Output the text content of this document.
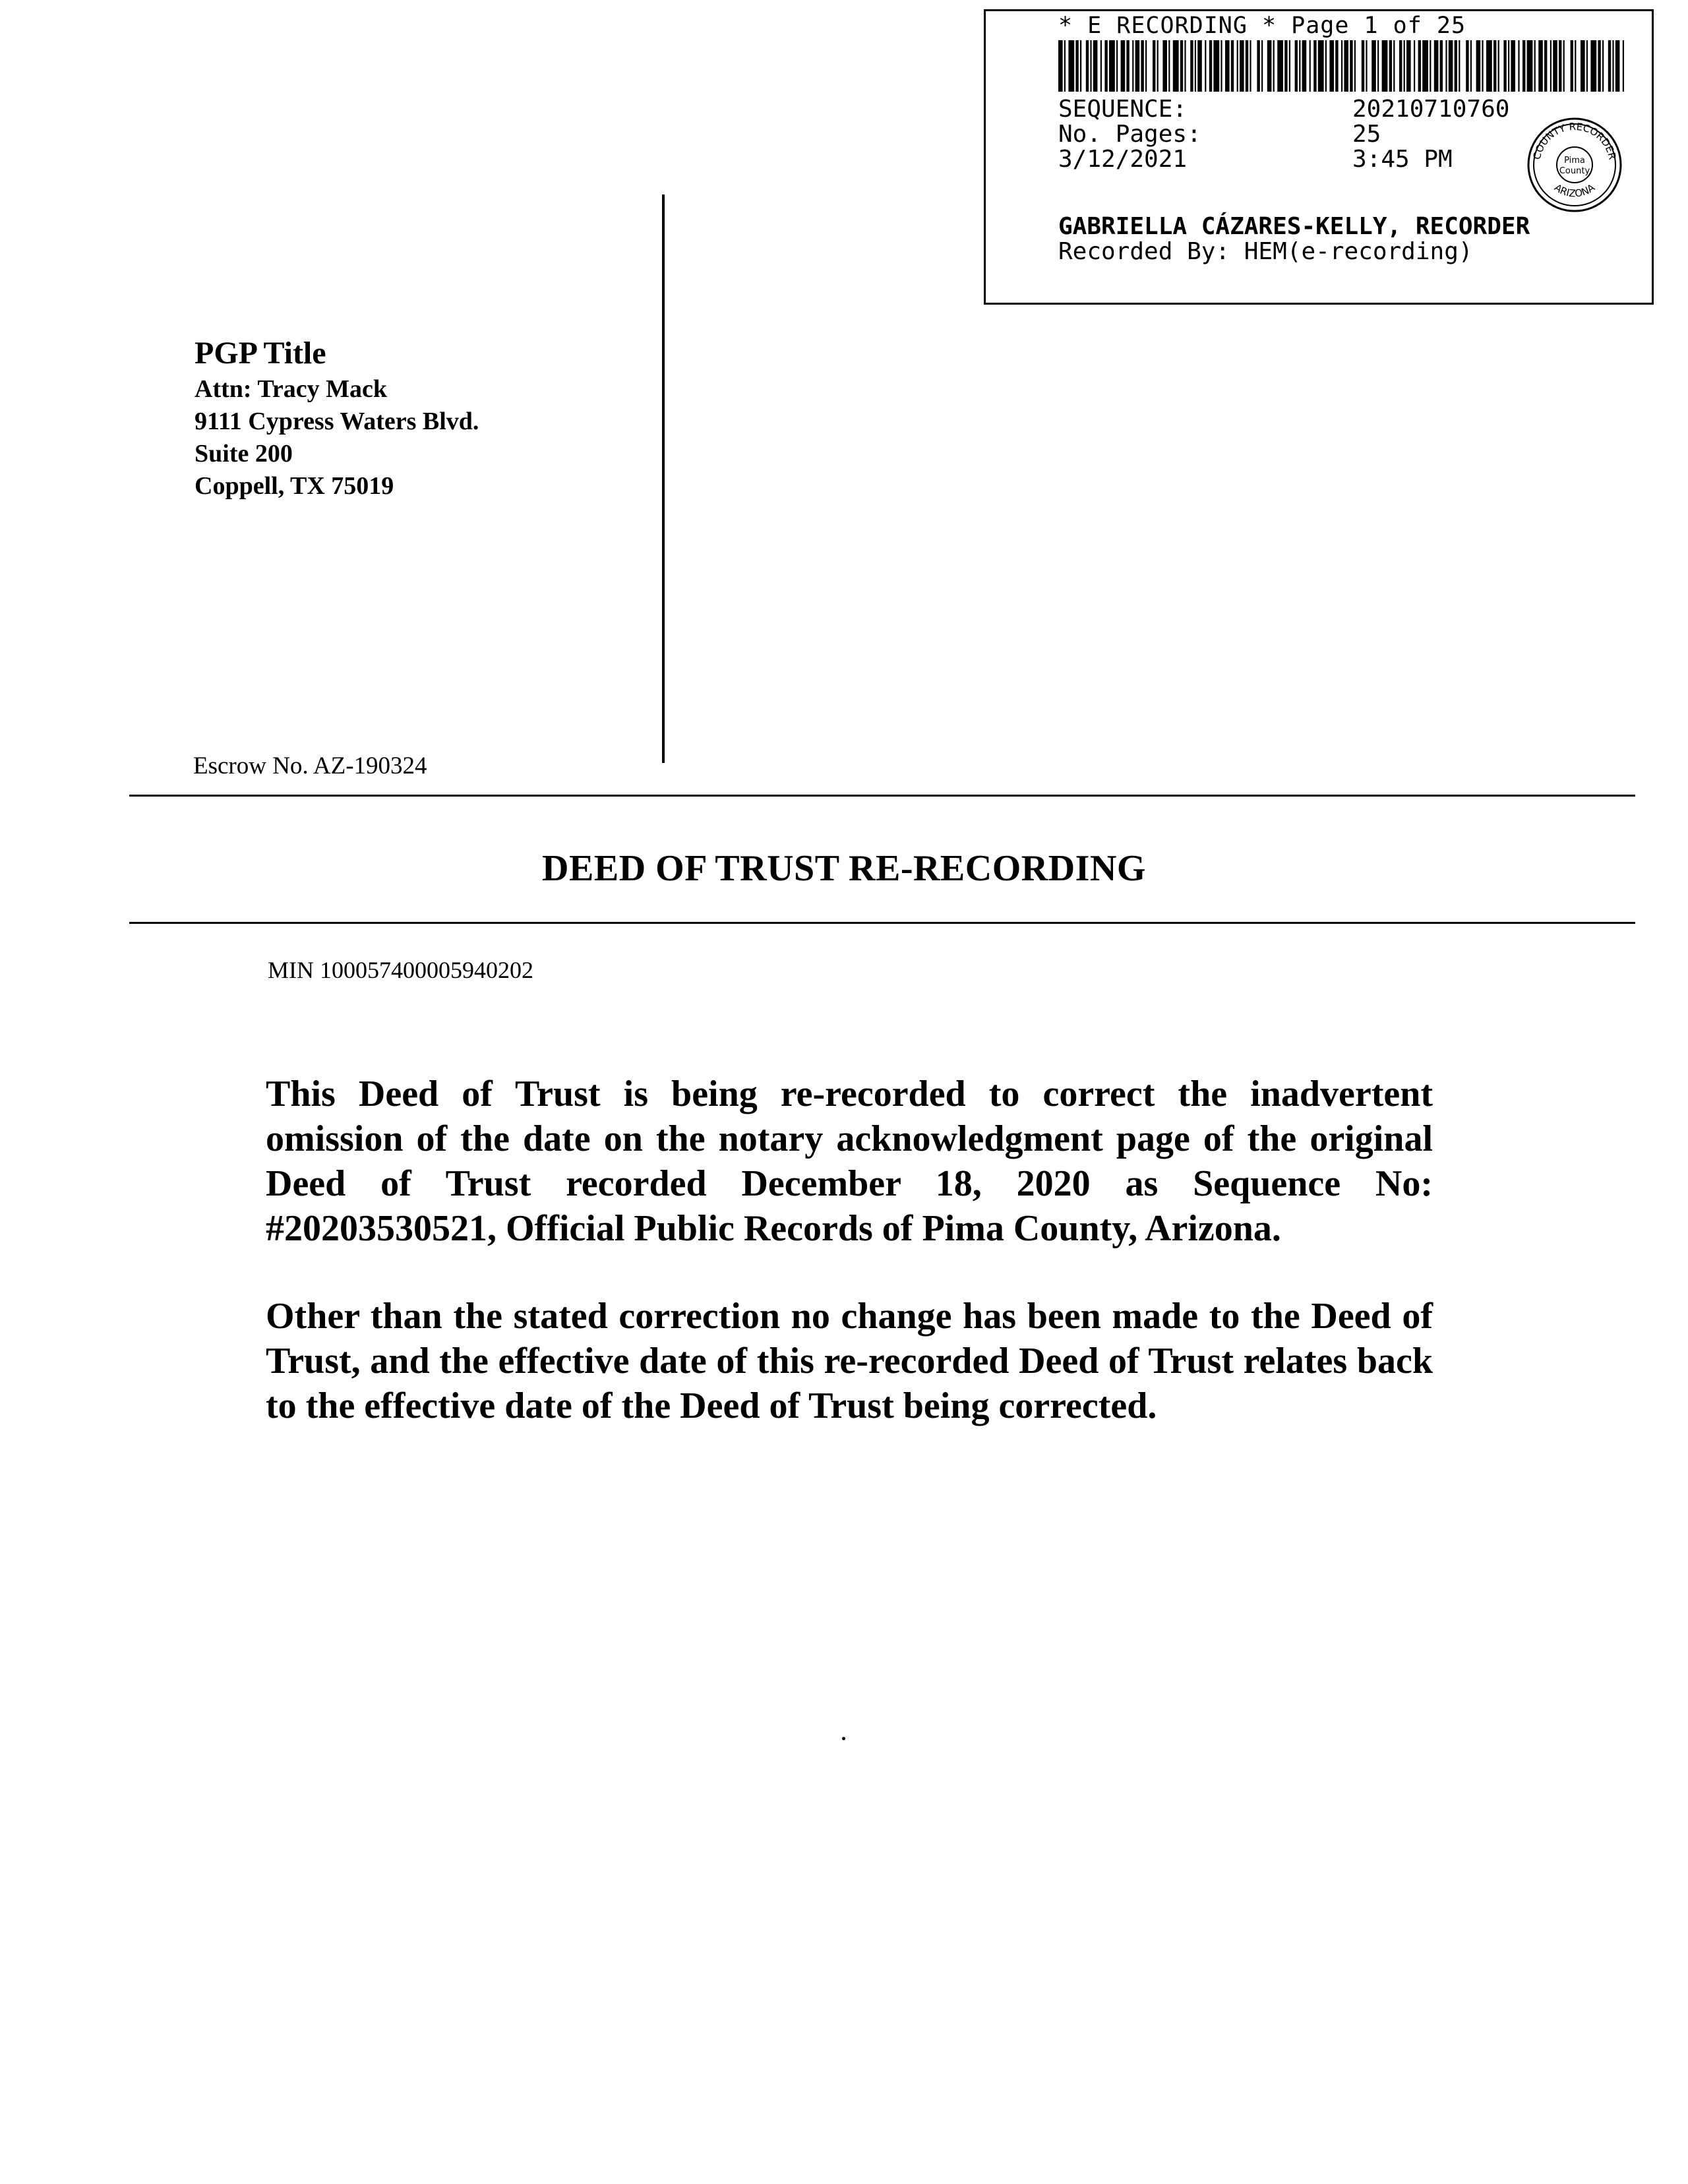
* E RECORDING * Page 1 of 25
SEQUENCE:	20210710760
No. Pages:	25
3/12/2021	3:45 PM	COUNTY RECORDER
ARIZONA
Pima
County
GABRIELLA CÁZARES-KELLY, RECORDER
Recorded By: HEM(e-recording)
PGP Title
Attn: Tracy Mack
9111 Cypress Waters Blvd.
Suite 200
Coppell, TX 75019
Escrow No. AZ-190324
DEED OF TRUST RE-RECORDING
MIN 100057400005940202
This Deed of Trust is being re-recorded to correct the inadvertent omission of the date on the notary acknowledgment page of the original Deed of Trust recorded December 18, 2020 as Sequence No: #20203530521, Official Public Records of Pima County, Arizona.
Other than the stated correction no change has been made to the Deed of Trust, and the effective date of this re-recorded Deed of Trust relates back to the effective date of the Deed of Trust being corrected.
